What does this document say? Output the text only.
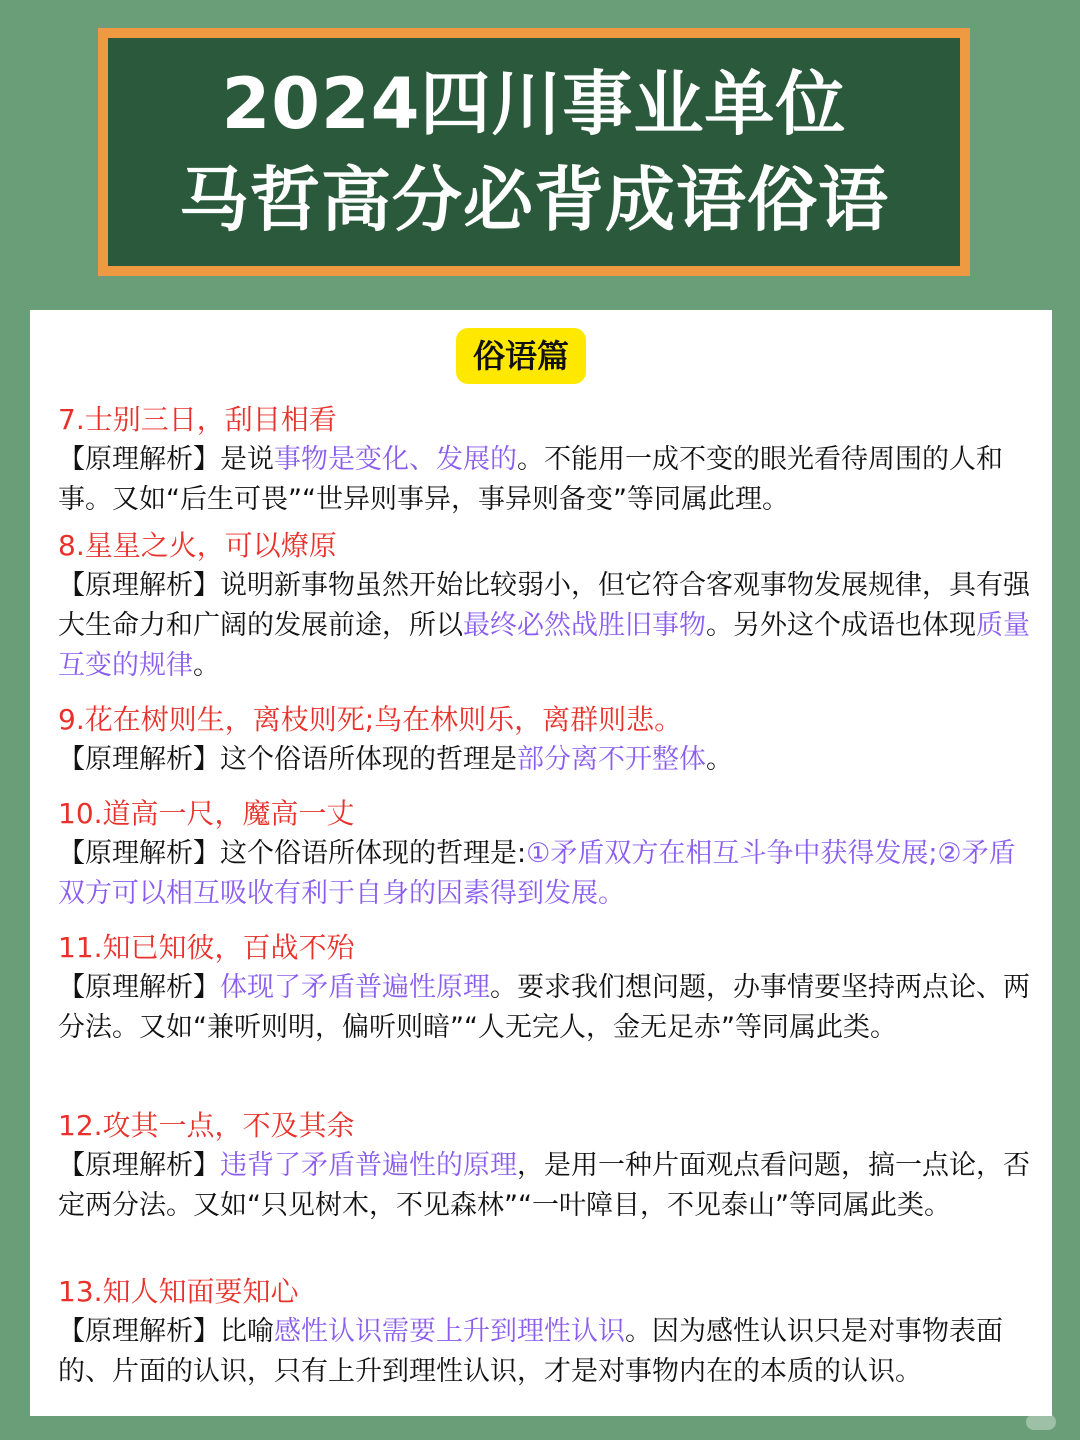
2024四川事业单位
马哲高分必背成语俗语
俗语篇
7.士别三日，刮目相看
【原理解析】是说事物是变化、发展的。不能用一成不变的眼光看待周围的人和事。又如“后生可畏”“世异则事异，事异则备变”等同属此理。
8.星星之火，可以燎原
【原理解析】说明新事物虽然开始比较弱小，但它符合客观事物发展规律，具有强大生命力和广阔的发展前途，所以最终必然战胜旧事物。另外这个成语也体现质量互变的规律。
9.花在树则生，离枝则死;鸟在林则乐，离群则悲。
【原理解析】这个俗语所体现的哲理是部分离不开整体。
10.道高一尺，魔高一丈
【原理解析】这个俗语所体现的哲理是:①矛盾双方在相互斗争中获得发展;②矛盾双方可以相互吸收有利于自身的因素得到发展。
11.知已知彼，百战不殆
【原理解析】体现了矛盾普遍性原理。要求我们想问题，办事情要坚持两点论、两分法。又如“兼听则明，偏听则暗”“人无完人，金无足赤”等同属此类。
12.攻其一点，不及其余
【原理解析】违背了矛盾普遍性的原理，是用一种片面观点看问题，搞一点论，否定两分法。又如“只见树木，不见森林”“一叶障目，不见泰山”等同属此类。
13.知人知面要知心
【原理解析】比喻感性认识需要上升到理性认识。因为感性认识只是对事物表面的、片面的认识，只有上升到理性认识，才是对事物内在的本质的认识。
